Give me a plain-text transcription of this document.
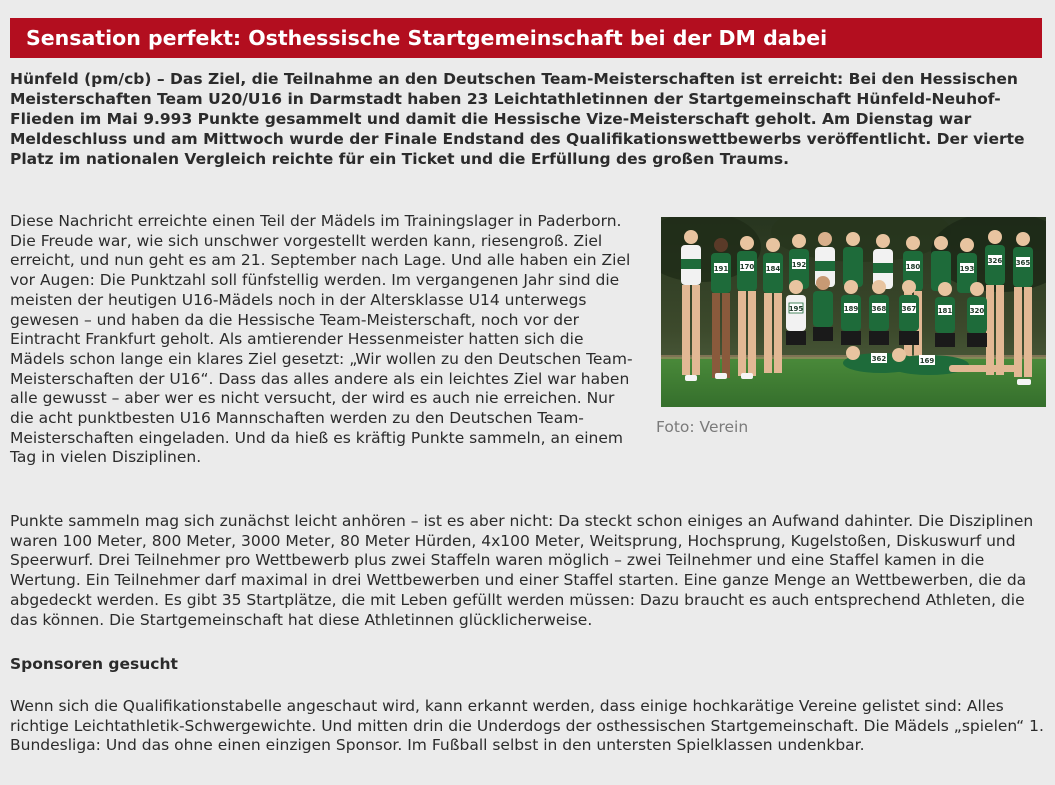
Sensation perfekt: Osthessische Startgemeinschaft bei der DM dabei

Hünfeld (pm/cb) – Das Ziel, die Teilnahme an den Deutschen Team-Meisterschaften ist erreicht: Bei den Hessischen Meisterschaften Team U20/U16 in Darmstadt haben 23 Leichtathletinnen der Startgemeinschaft Hünfeld-Neuhof-Flieden im Mai 9.993 Punkte gesammelt und damit die Hessische Vize-Meisterschaft geholt. Am Dienstag war Meldeschluss und am Mittwoch wurde der Finale Endstand des Qualifikationswettbewerbs veröffentlicht. Der vierte Platz im nationalen Vergleich reichte für ein Ticket und die Erfüllung des großen Traums.

Diese Nachricht erreichte einen Teil der Mädels im Trainingslager in Paderborn. Die Freude war, wie sich unschwer vorgestellt werden kann, riesengroß. Ziel erreicht, und nun geht es am 21. September nach Lage. Und alle haben ein Ziel vor Augen: Die Punktzahl soll fünfstellig werden. Im vergangenen Jahr sind die meisten der heutigen U16-Mädels noch in der Altersklasse U14 unterwegs gewesen – und haben da die Hessische Team-Meisterschaft, noch vor der Eintracht Frankfurt geholt. Als amtierender Hessenmeister hatten sich die Mädels schon lange ein klares Ziel gesetzt: „Wir wollen zu den Deutschen Team-Meisterschaften der U16“. Dass das alles andere als ein leichtes Ziel war haben alle gewusst – aber wer es nicht versucht, der wird es auch nie erreichen. Nur die acht punktbesten U16 Mannschaften werden zu den Deutschen Team-Meisterschaften eingeladen. Und da hieß es kräftig Punkte sammeln, an einem Tag in vielen Disziplinen.

191 170 184 192	180	193
326 365
195	189 368 367	181 320
362	169

Foto: Verein

Punkte sammeln mag sich zunächst leicht anhören – ist es aber nicht: Da steckt schon einiges an Aufwand dahinter. Die Disziplinen waren 100 Meter, 800 Meter, 3000 Meter, 80 Meter Hürden, 4x100 Meter, Weitsprung, Hochsprung, Kugelstoßen, Diskuswurf und Speerwurf. Drei Teilnehmer pro Wettbewerb plus zwei Staffeln waren möglich – zwei Teilnehmer und eine Staffel kamen in die Wertung. Ein Teilnehmer darf maximal in drei Wettbewerben und einer Staffel starten. Eine ganze Menge an Wettbewerben, die da abgedeckt werden. Es gibt 35 Startplätze, die mit Leben gefüllt werden müssen: Dazu braucht es auch entsprechend Athleten, die das können. Die Startgemeinschaft hat diese Athletinnen glücklicherweise.

Sponsoren gesucht

Wenn sich die Qualifikationstabelle angeschaut wird, kann erkannt werden, dass einige hochkarätige Vereine gelistet sind: Alles richtige Leichtathletik-Schwergewichte. Und mitten drin die Underdogs der osthessischen Startgemeinschaft. Die Mädels „spielen“ 1. Bundesliga: Und das ohne einen einzigen Sponsor. Im Fußball selbst in den untersten Spielklassen undenkbar.
